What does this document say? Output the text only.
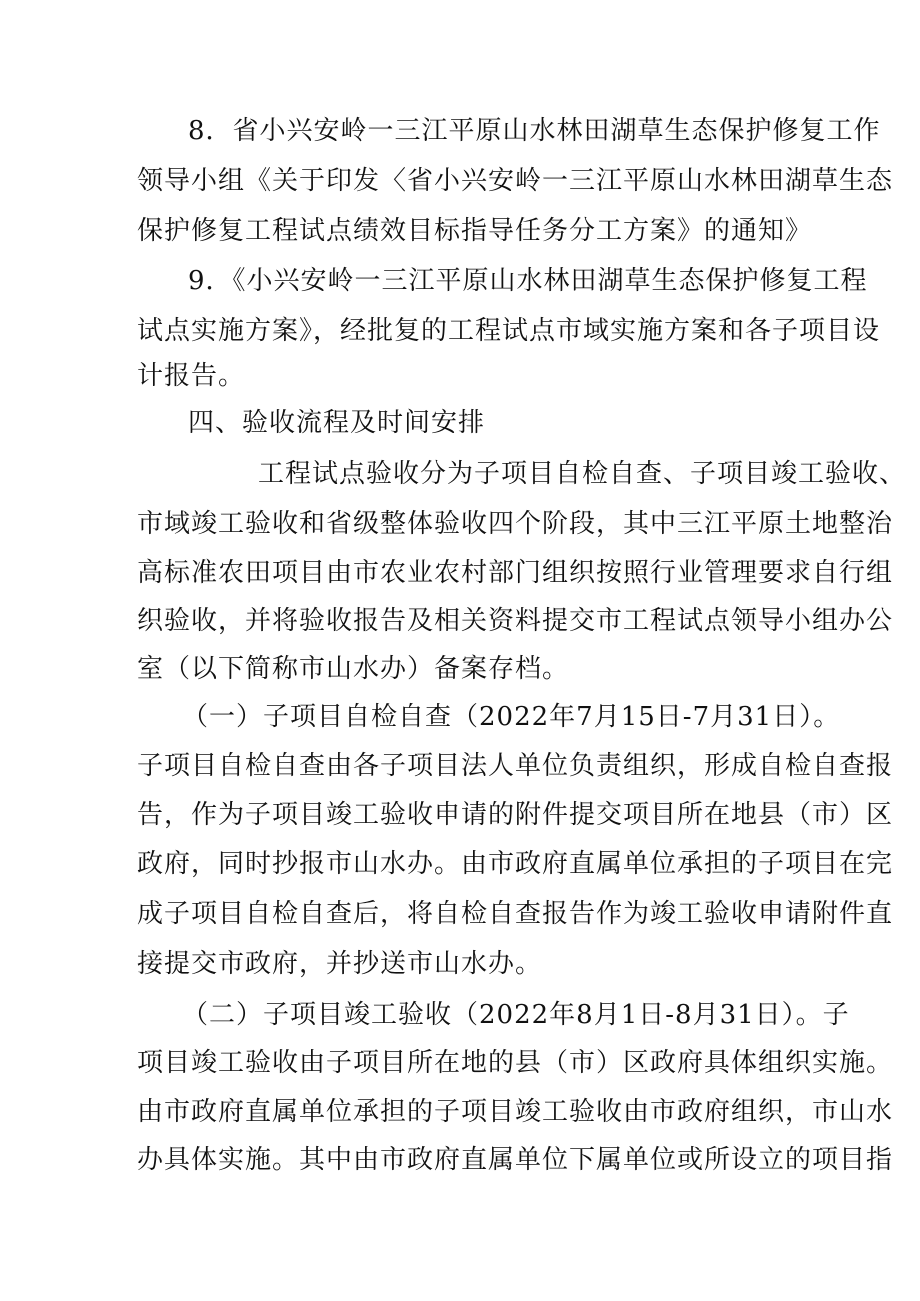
8．省小兴安岭一三江平原山水林田湖草生态保护修复工作
领导小组《关于印发〈省小兴安岭一三江平原山水林田湖草生态
保护修复工程试点绩效目标指导任务分工方案》的通知》
9．《小兴安岭一三江平原山水林田湖草生态保护修复工程
试点实施方案》，经批复的工程试点市域实施方案和各子项目设
计报告。
四、验收流程及时间安排
工程试点验收分为子项目自检自查、子项目竣工验收、
市域竣工验收和省级整体验收四个阶段，其中三江平原土地整治
高标准农田项目由市农业农村部门组织按照行业管理要求自行组
织验收，并将验收报告及相关资料提交市工程试点领导小组办公
室（以下简称市山水办）备案存档。
（一）子项目自检自查（2022年7月15日-7月31日）。
子项目自检自查由各子项目法人单位负责组织，形成自检自查报
告，作为子项目竣工验收申请的附件提交项目所在地县（市）区
政府，同时抄报市山水办。由市政府直属单位承担的子项目在完
成子项目自检自查后，将自检自查报告作为竣工验收申请附件直
接提交市政府，并抄送市山水办。
（二）子项目竣工验收（2022年8月1日-8月31日）。子
项目竣工验收由子项目所在地的县（市）区政府具体组织实施。
由市政府直属单位承担的子项目竣工验收由市政府组织，市山水
办具体实施。其中由市政府直属单位下属单位或所设立的项目指
